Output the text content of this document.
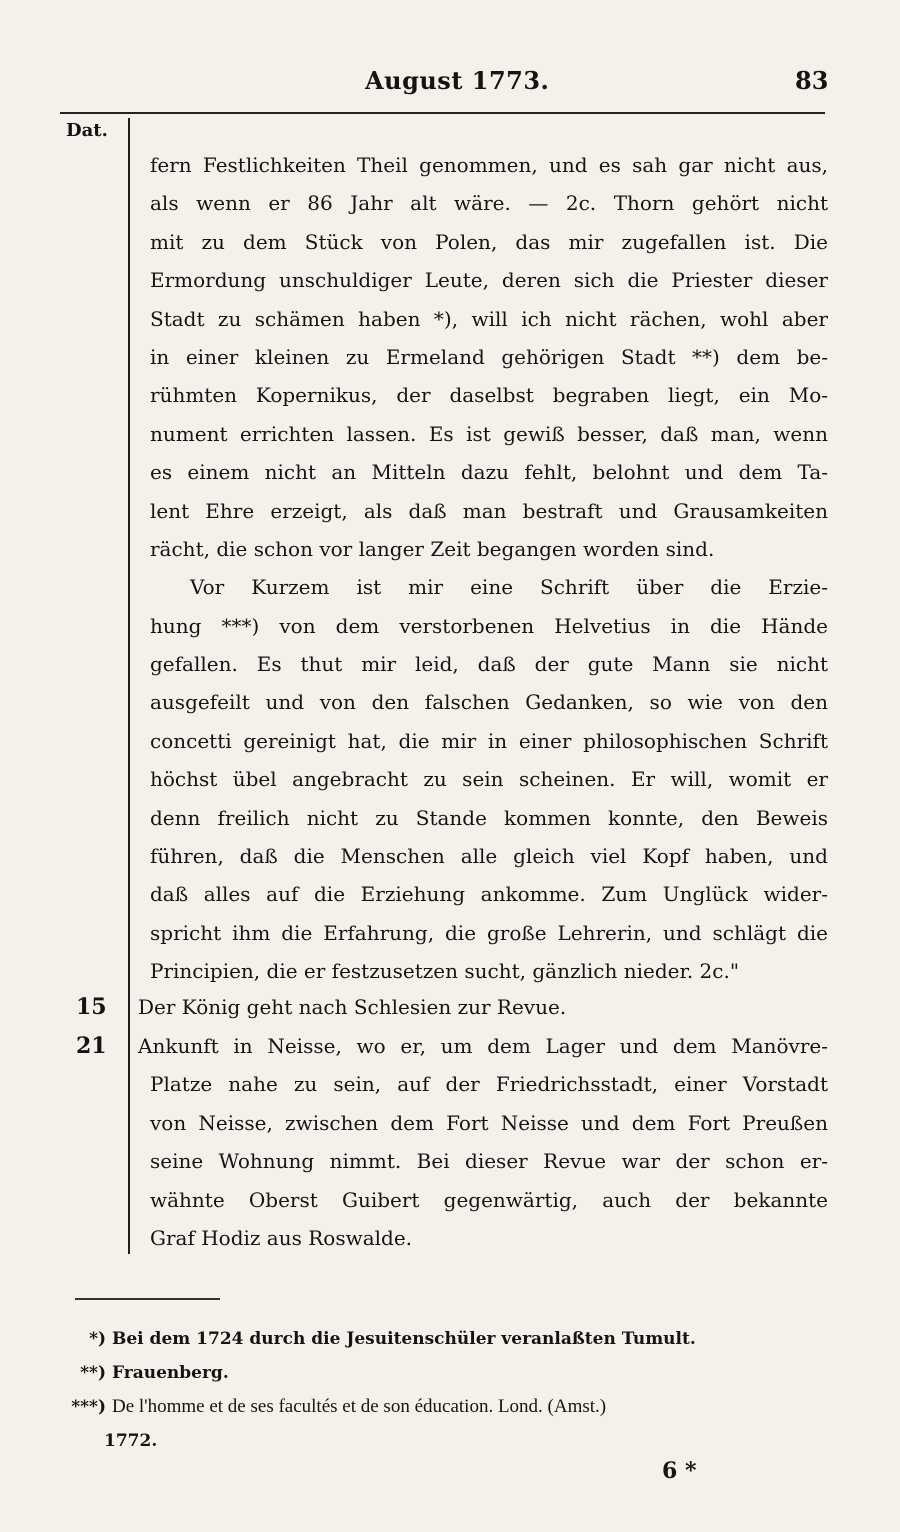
August 1773.	83
Dat.
fern Festlichkeiten Theil genommen, und es sah gar nicht aus,
als wenn er 86 Jahr alt wäre. — 2c. Thorn gehört nicht
mit zu dem Stück von Polen, das mir zugefallen ist. Die
Ermordung unschuldiger Leute, deren sich die Priester dieser
Stadt zu schämen haben *), will ich nicht rächen, wohl aber
in einer kleinen zu Ermeland gehörigen Stadt **) dem be-
rühmten Kopernikus, der daselbst begraben liegt, ein Mo-
nument errichten lassen. Es ist gewiß besser, daß man, wenn
es einem nicht an Mitteln dazu fehlt, belohnt und dem Ta-
lent Ehre erzeigt, als daß man bestraft und Grausamkeiten
rächt, die schon vor langer Zeit begangen worden sind.
Vor Kurzem ist mir eine Schrift über die Erzie-
hung ***) von dem verstorbenen Helvetius in die Hände
gefallen. Es thut mir leid, daß der gute Mann sie nicht
ausgefeilt und von den falschen Gedanken, so wie von den
concetti gereinigt hat, die mir in einer philosophischen Schrift
höchst übel angebracht zu sein scheinen. Er will, womit er
denn freilich nicht zu Stande kommen konnte, den Beweis
führen, daß die Menschen alle gleich viel Kopf haben, und
daß alles auf die Erziehung ankomme. Zum Unglück wider-
spricht ihm die Erfahrung, die große Lehrerin, und schlägt die
Principien, die er festzusetzen sucht, gänzlich nieder. 2c."
15 Der König geht nach Schlesien zur Revue.
21 Ankunft in Neisse, wo er, um dem Lager und dem Manövre-
Platze nahe zu sein, auf der Friedrichsstadt, einer Vorstadt
von Neisse, zwischen dem Fort Neisse und dem Fort Preußen
seine Wohnung nimmt. Bei dieser Revue war der schon er-
wähnte Oberst Guibert gegenwärtig, auch der bekannte
Graf Hodiz aus Roswalde.
*) Bei dem 1724 durch die Jesuitenschüler veranlaßten Tumult.
**) Frauenberg.
***) De l'homme et de ses facultés et de son éducation. Lond. (Amst.)
1772.
6 *
